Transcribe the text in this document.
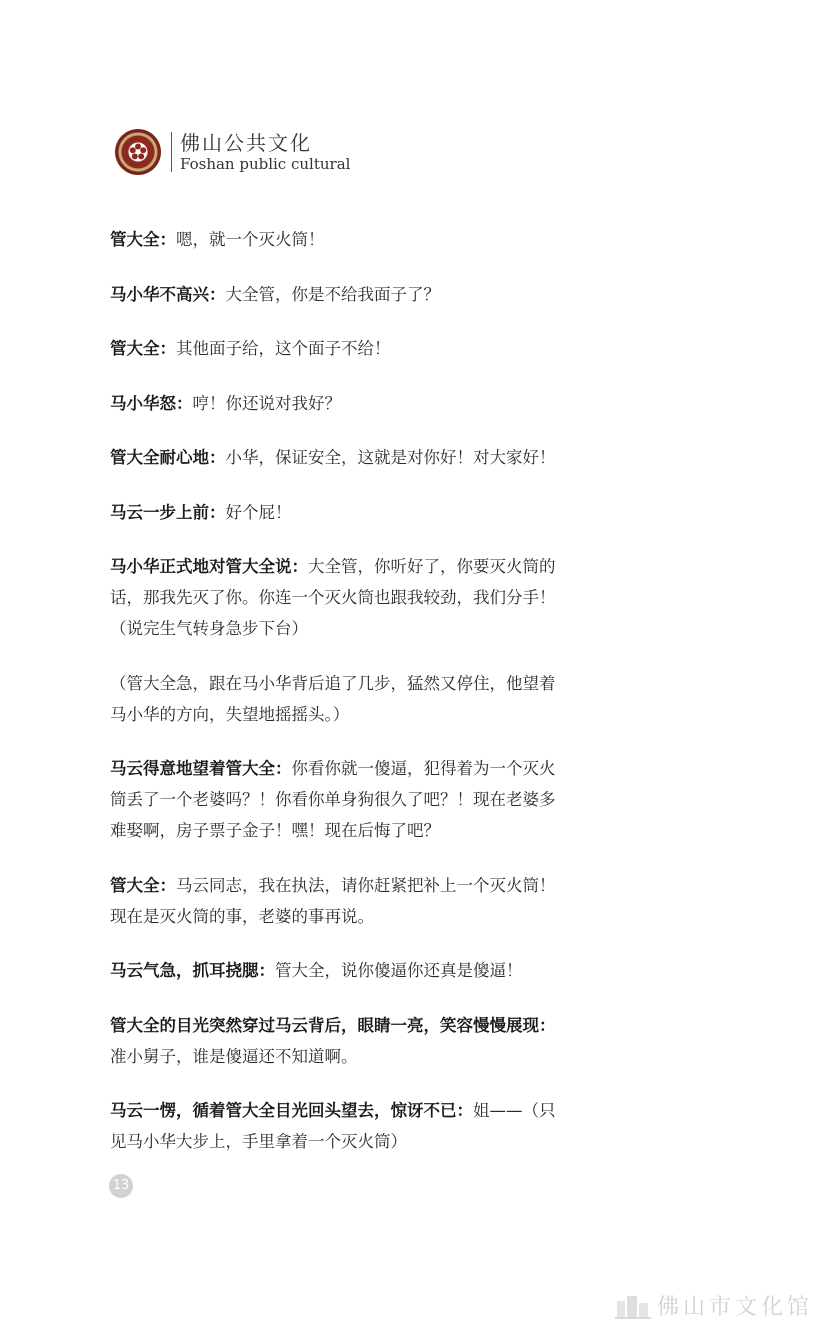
佛山公共文化
Foshan public cultural

管大全：嗯，就一个灭火筒！

马小华不高兴：大全管，你是不给我面子了？

管大全：其他面子给，这个面子不给！

马小华怒：哼！你还说对我好？

管大全耐心地：小华，保证安全，这就是对你好！对大家好！

马云一步上前：好个屁！

马小华正式地对管大全说：大全管，你听好了，你要灭火筒的话，那我先灭了你。你连一个灭火筒也跟我较劲，我们分手！（说完生气转身急步下台）

（管大全急，跟在马小华背后追了几步，猛然又停住，他望着马小华的方向，失望地摇摇头。）

马云得意地望着管大全：你看你就一傻逼，犯得着为一个灭火筒丢了一个老婆吗？！你看你单身狗很久了吧？！现在老婆多难娶啊，房子票子金子！嘿！现在后悔了吧？

管大全：马云同志，我在执法，请你赶紧把补上一个灭火筒！现在是灭火筒的事，老婆的事再说。

马云气急，抓耳挠腮：管大全，说你傻逼你还真是傻逼！

管大全的目光突然穿过马云背后，眼睛一亮，笑容慢慢展现：准小舅子，谁是傻逼还不知道啊。

马云一愣，循着管大全目光回头望去，惊讶不已：姐——（只见马小华大步上，手里拿着一个灭火筒）

13
佛山市文化馆
